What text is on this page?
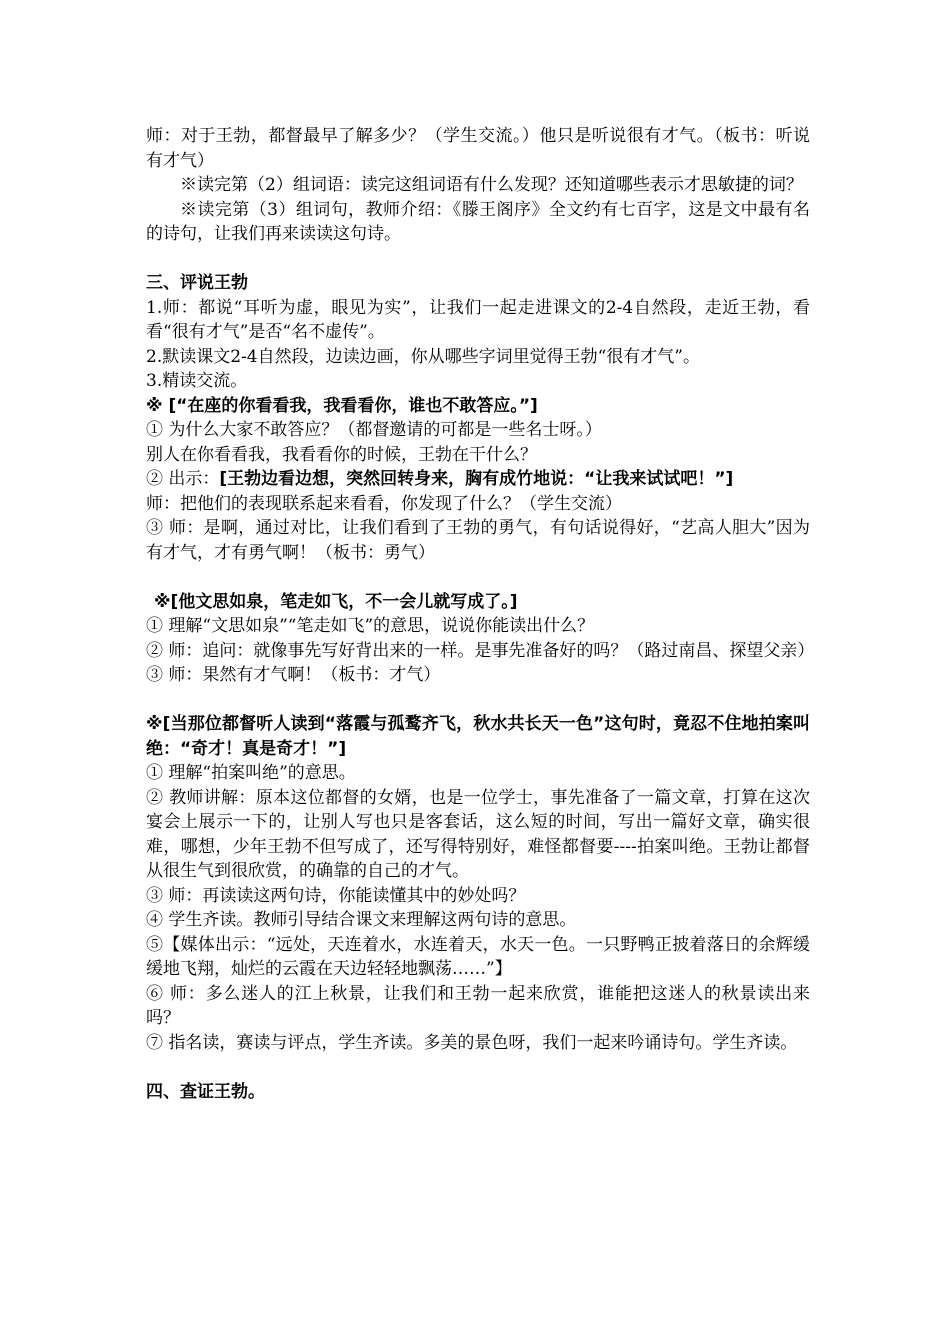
师：对于王勃，都督最早了解多少？（学生交流。）他只是听说很有才气。（板书：听说 有才气）

※读完第（2）组词语：读完这组词语有什么发现？还知道哪些表示才思敏捷的词？

※读完第（3）组词句，教师介绍：《滕王阁序》全文约有七百字，这是文中最有名的诗句，让我们再来读读这句诗。

三、评说王勃

1.师：都说“耳听为虚，眼见为实”，让我们一起走进课文的2-4自然段，走近王勃，看看“很有才气”是否“名不虚传”。

2.默读课文2-4自然段，边读边画，你从哪些字词里觉得王勃“很有才气”。

3.精读交流。

※ [“在座的你看看我，我看看你，谁也不敢答应。”]

① 为什么大家不敢答应？（都督邀请的可都是一些名士呀。）

别人在你看看我，我看看你的时候，王勃在干什么？

② 出示：[王勃边看边想，突然回转身来，胸有成竹地说：“让我来试试吧！”]

师：把他们的表现联系起来看看，你发现了什么？（学生交流）

③ 师：是啊，通过对比，让我们看到了王勃的勇气，有句话说得好，“艺高人胆大”因为有才气，才有勇气啊！（板书：勇气）

※[他文思如泉，笔走如飞，不一会儿就写成了。]

① 理解“文思如泉”“笔走如飞”的意思，说说你能读出什么？

② 师：追问：就像事先写好背出来的一样。是事先准备好的吗？（路过南昌、探望父亲）

③ 师：果然有才气啊！（板书：才气）

※[当那位都督听人读到“落霞与孤鹜齐飞，秋水共长天一色”这句时，竟忍不住地拍案叫绝：“奇才！真是奇才！”]

① 理解“拍案叫绝”的意思。

② 教师讲解：原本这位都督的女婿，也是一位学士，事先准备了一篇文章，打算在这次宴会上展示一下的，让别人写也只是客套话，这么短的时间，写出一篇好文章，确实很难，哪想，少年王勃不但写成了，还写得特别好，难怪都督要----拍案叫绝。王勃让都督从很生气到很欣赏，的确靠的自己的才气。

③ 师：再读读这两句诗，你能读懂其中的妙处吗？

④ 学生齐读。教师引导结合课文来理解这两句诗的意思。

⑤【媒体出示：“远处，天连着水，水连着天，水天一色。一只野鸭正披着落日的余辉缓缓地飞翔，灿烂的云霞在天边轻轻地飘荡……”】

⑥ 师：多么迷人的江上秋景，让我们和王勃一起来欣赏，谁能把这迷人的秋景读出来吗？

⑦ 指名读，赛读与评点，学生齐读。多美的景色呀，我们一起来吟诵诗句。学生齐读。

四、查证王勃。
